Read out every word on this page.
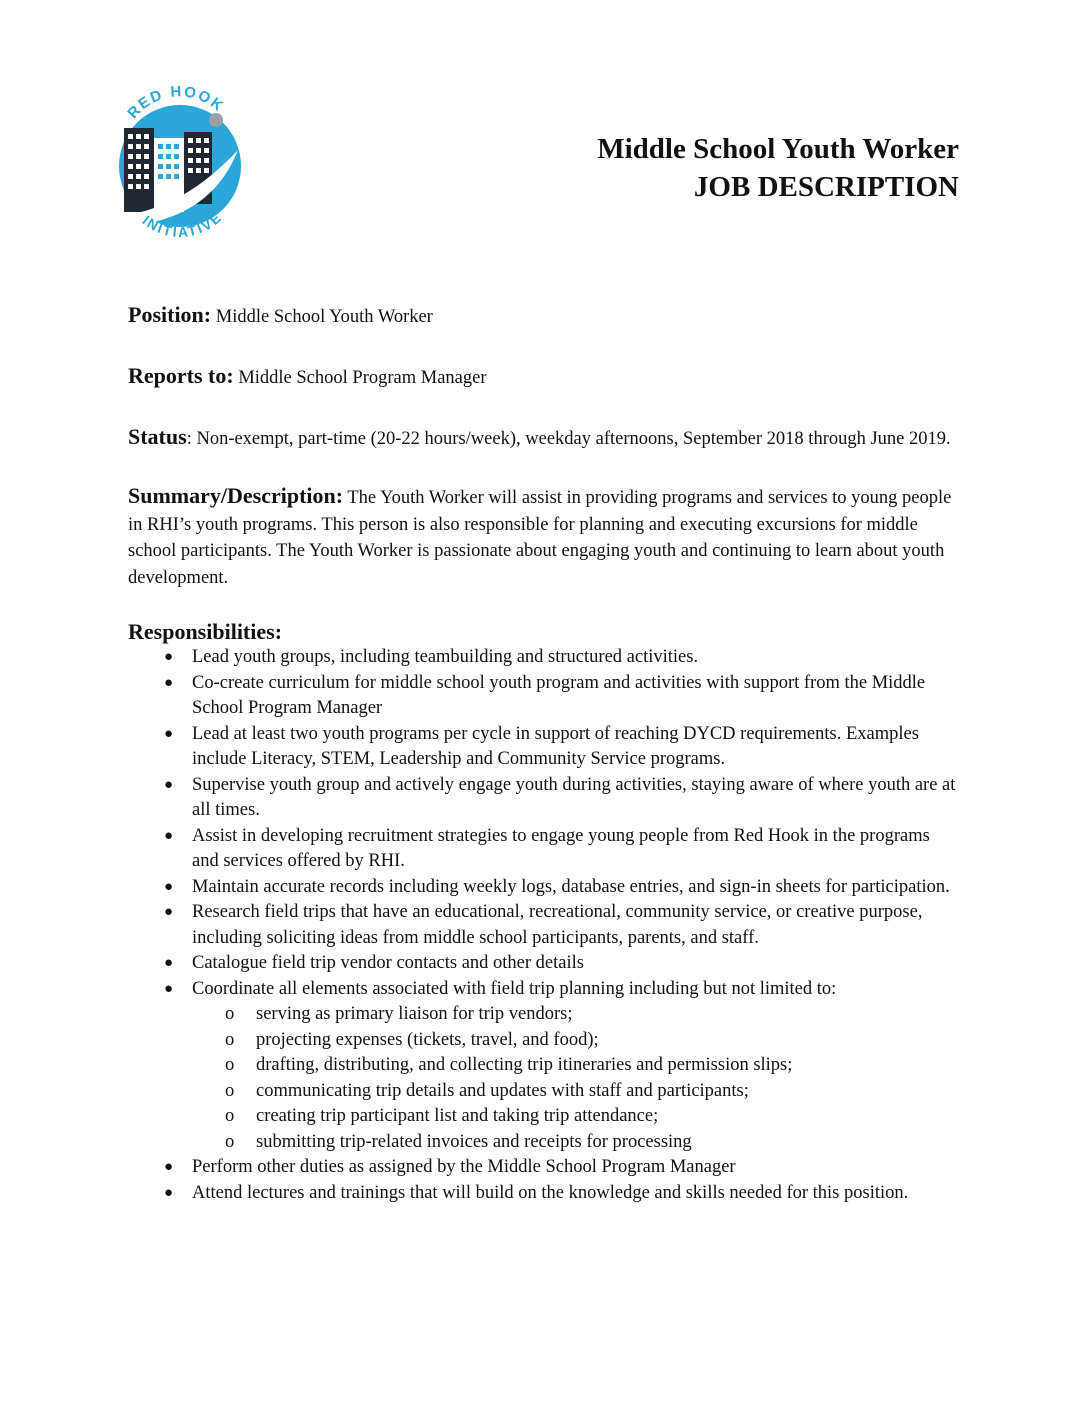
RED HOOK
INITIATIVE
Middle School Youth Worker
JOB DESCRIPTION

Position: Middle School Youth Worker

Reports to: Middle School Program Manager

Status: Non-exempt, part-time (20-22 hours/week), weekday afternoons, September 2018 through June 2019.

Summary/Description: The Youth Worker will assist in providing programs and services to young people in RHI’s youth programs. This person is also responsible for planning and executing excursions for middle school participants. The Youth Worker is passionate about engaging youth and continuing to learn about youth development.

Responsibilities:
● Lead youth groups, including teambuilding and structured activities.
● Co-create curriculum for middle school youth program and activities with support from the Middle School Program Manager
● Lead at least two youth programs per cycle in support of reaching DYCD requirements. Examples include Literacy, STEM, Leadership and Community Service programs.
● Supervise youth group and actively engage youth during activities, staying aware of where youth are at all times.
● Assist in developing recruitment strategies to engage young people from Red Hook in the programs and services offered by RHI.
● Maintain accurate records including weekly logs, database entries, and sign-in sheets for participation.
● Research field trips that have an educational, recreational, community service, or creative purpose, including soliciting ideas from middle school participants, parents, and staff.
● Catalogue field trip vendor contacts and other details
● Coordinate all elements associated with field trip planning including but not limited to:
o serving as primary liaison for trip vendors;
o projecting expenses (tickets, travel, and food);
o drafting, distributing, and collecting trip itineraries and permission slips;
o communicating trip details and updates with staff and participants;
o creating trip participant list and taking trip attendance;
o submitting trip-related invoices and receipts for processing
● Perform other duties as assigned by the Middle School Program Manager
● Attend lectures and trainings that will build on the knowledge and skills needed for this position.
